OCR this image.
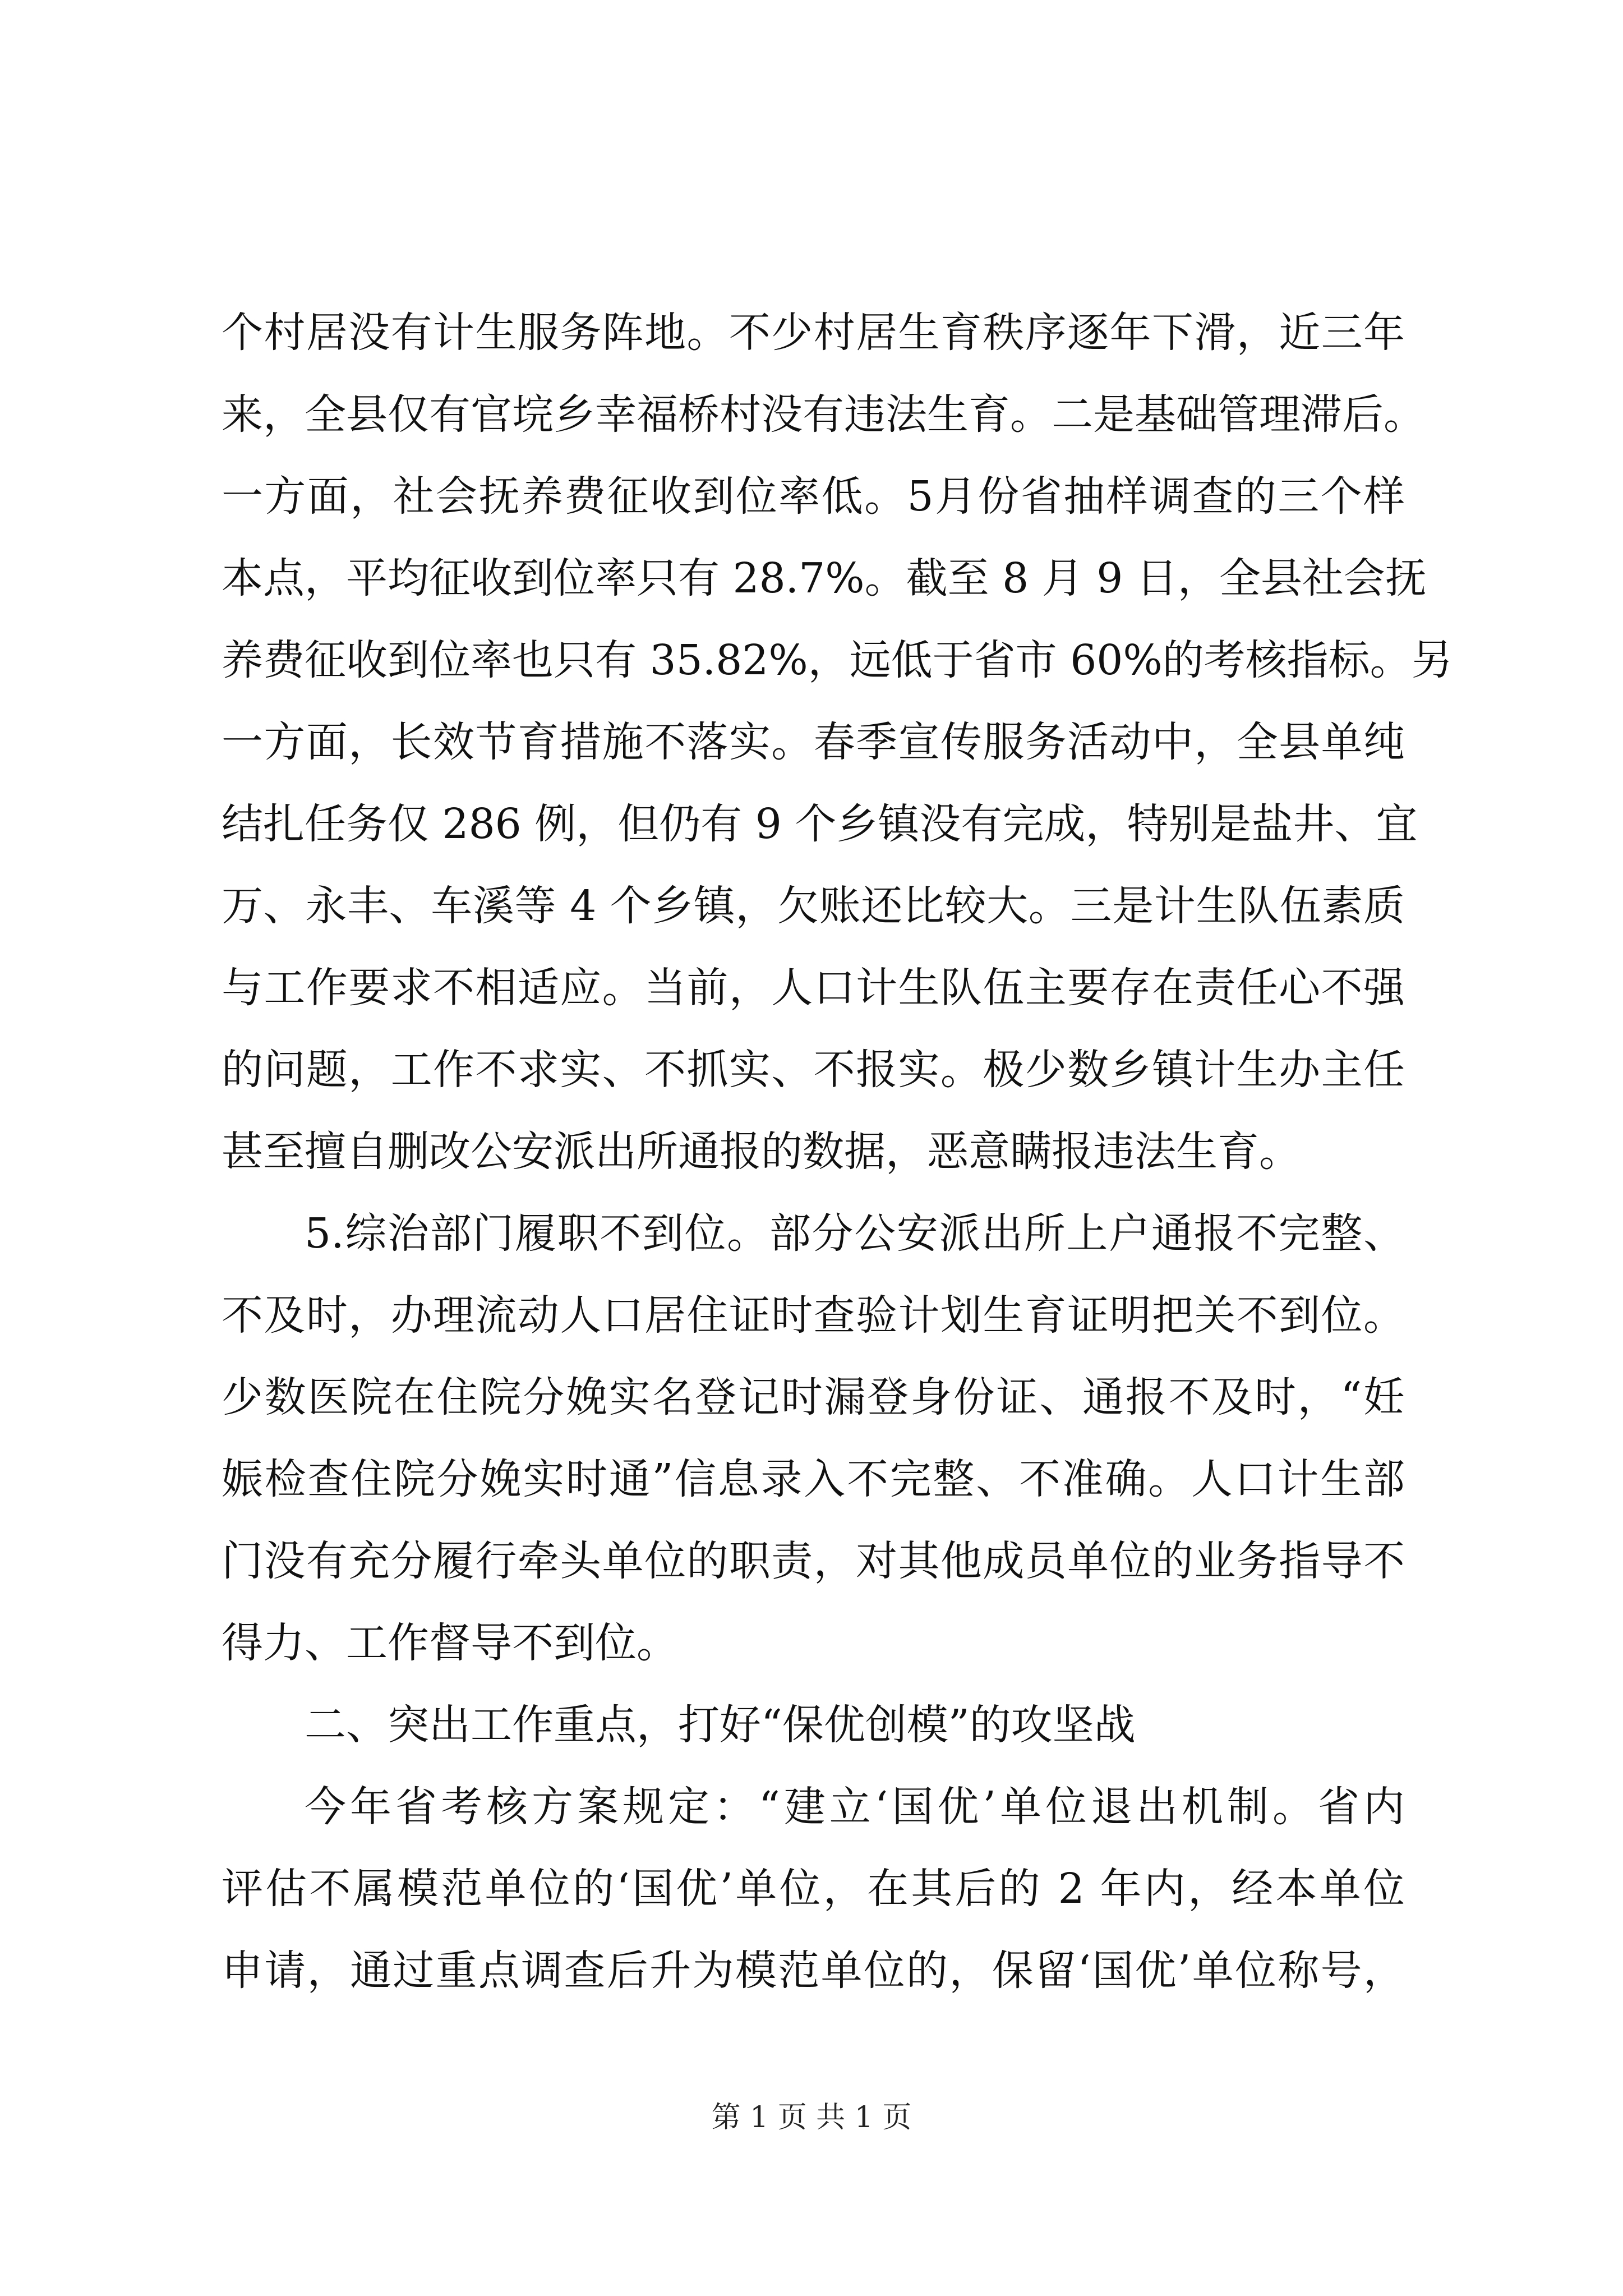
个村居没有计生服务阵地。不少村居生育秩序逐年下滑，近三年
来，全县仅有官垸乡幸福桥村没有违法生育。二是基础管理滞后。
一方面，社会抚养费征收到位率低。5月份省抽样调查的三个样
本点，平均征收到位率只有 28.7%。截至 8 月 9 日，全县社会抚
养费征收到位率也只有 35.82%，远低于省市 60%的考核指标。另
一方面，长效节育措施不落实。春季宣传服务活动中，全县单纯
结扎任务仅 286 例，但仍有 9 个乡镇没有完成，特别是盐井、宜
万、永丰、车溪等 4 个乡镇，欠账还比较大。三是计生队伍素质
与工作要求不相适应。当前，人口计生队伍主要存在责任心不强
的问题，工作不求实、不抓实、不报实。极少数乡镇计生办主任
甚至擅自删改公安派出所通报的数据，恶意瞒报违法生育。
5.综治部门履职不到位。部分公安派出所上户通报不完整、
不及时，办理流动人口居住证时查验计划生育证明把关不到位。
少数医院在住院分娩实名登记时漏登身份证、通报不及时，“妊
娠检查住院分娩实时通”信息录入不完整、不准确。人口计生部
门没有充分履行牵头单位的职责，对其他成员单位的业务指导不
得力、工作督导不到位。
二、突出工作重点，打好“保优创模”的攻坚战
今年省考核方案规定：“建立‘国优’单位退出机制。省内
评估不属模范单位的‘国优’单位，在其后的 2 年内，经本单位
申请，通过重点调查后升为模范单位的，保留‘国优’单位称号，
第 1 页 共 1 页
